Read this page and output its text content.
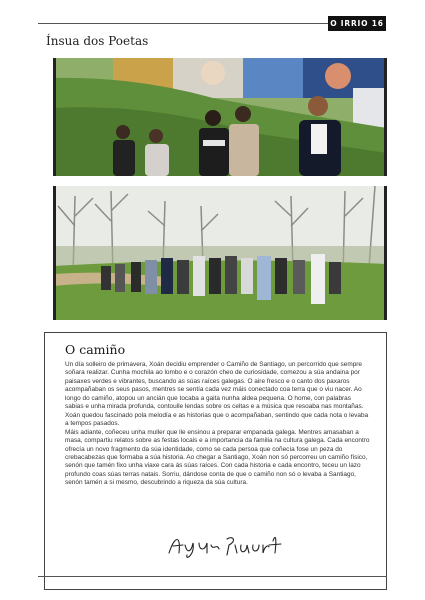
O IRRIO 16
Ínsua dos Poetas
O camiño

Un día solleiro de primavera, Xoán decidiu emprender o Camiño de Santiago, un percorrido que sempre soñara realizar. Cunha mochila ao lombo e o corazón cheo de curiosidade, comezou a súa andaina por paisaxes verdes e vibrantes, buscando as súas raíces galegas. O aire fresco e o canto dos paxaros acompañaban os seus pasos, mentres se sentía cada vez máis conectado coa terra que o viu nacer. Ao longo do camiño, atopou un ancián que tocaba a gaita nunha aldea pequena. O home, con palabras sabias e unha mirada profunda, contoulle lendas sobre os celtas e a música que resoaba nas montañas. Xoán quedou fascinado pola melodía e as historias que o acompañaban, sentindo que cada nota o levaba a tempos pasados.

Máis adiante, coñeceu unha muller que lle ensinou a preparar empanada galega. Mentres amasaban a masa, compartiu relatos sobre as festas locais e a importancia da familia na cultura galega. Cada encontro ofrecía un novo fragmento da súa identidade, como se cada persoa que coñecía fose un peza do crebacabezas que formaba a súa historia. Ao chegar a Santiago, Xoán non só percorreu un camiño físico, senón que tamén fixo unha viaxe cara ás súas raíces. Con cada historia e cada encontro, teceu un lazo profundo coas súas terras natais. Sorriu, dándose conta de que o camiño non só o levaba a Santiago, senón tamén a si mesmo, descubrindo a riqueza da súa cultura.
